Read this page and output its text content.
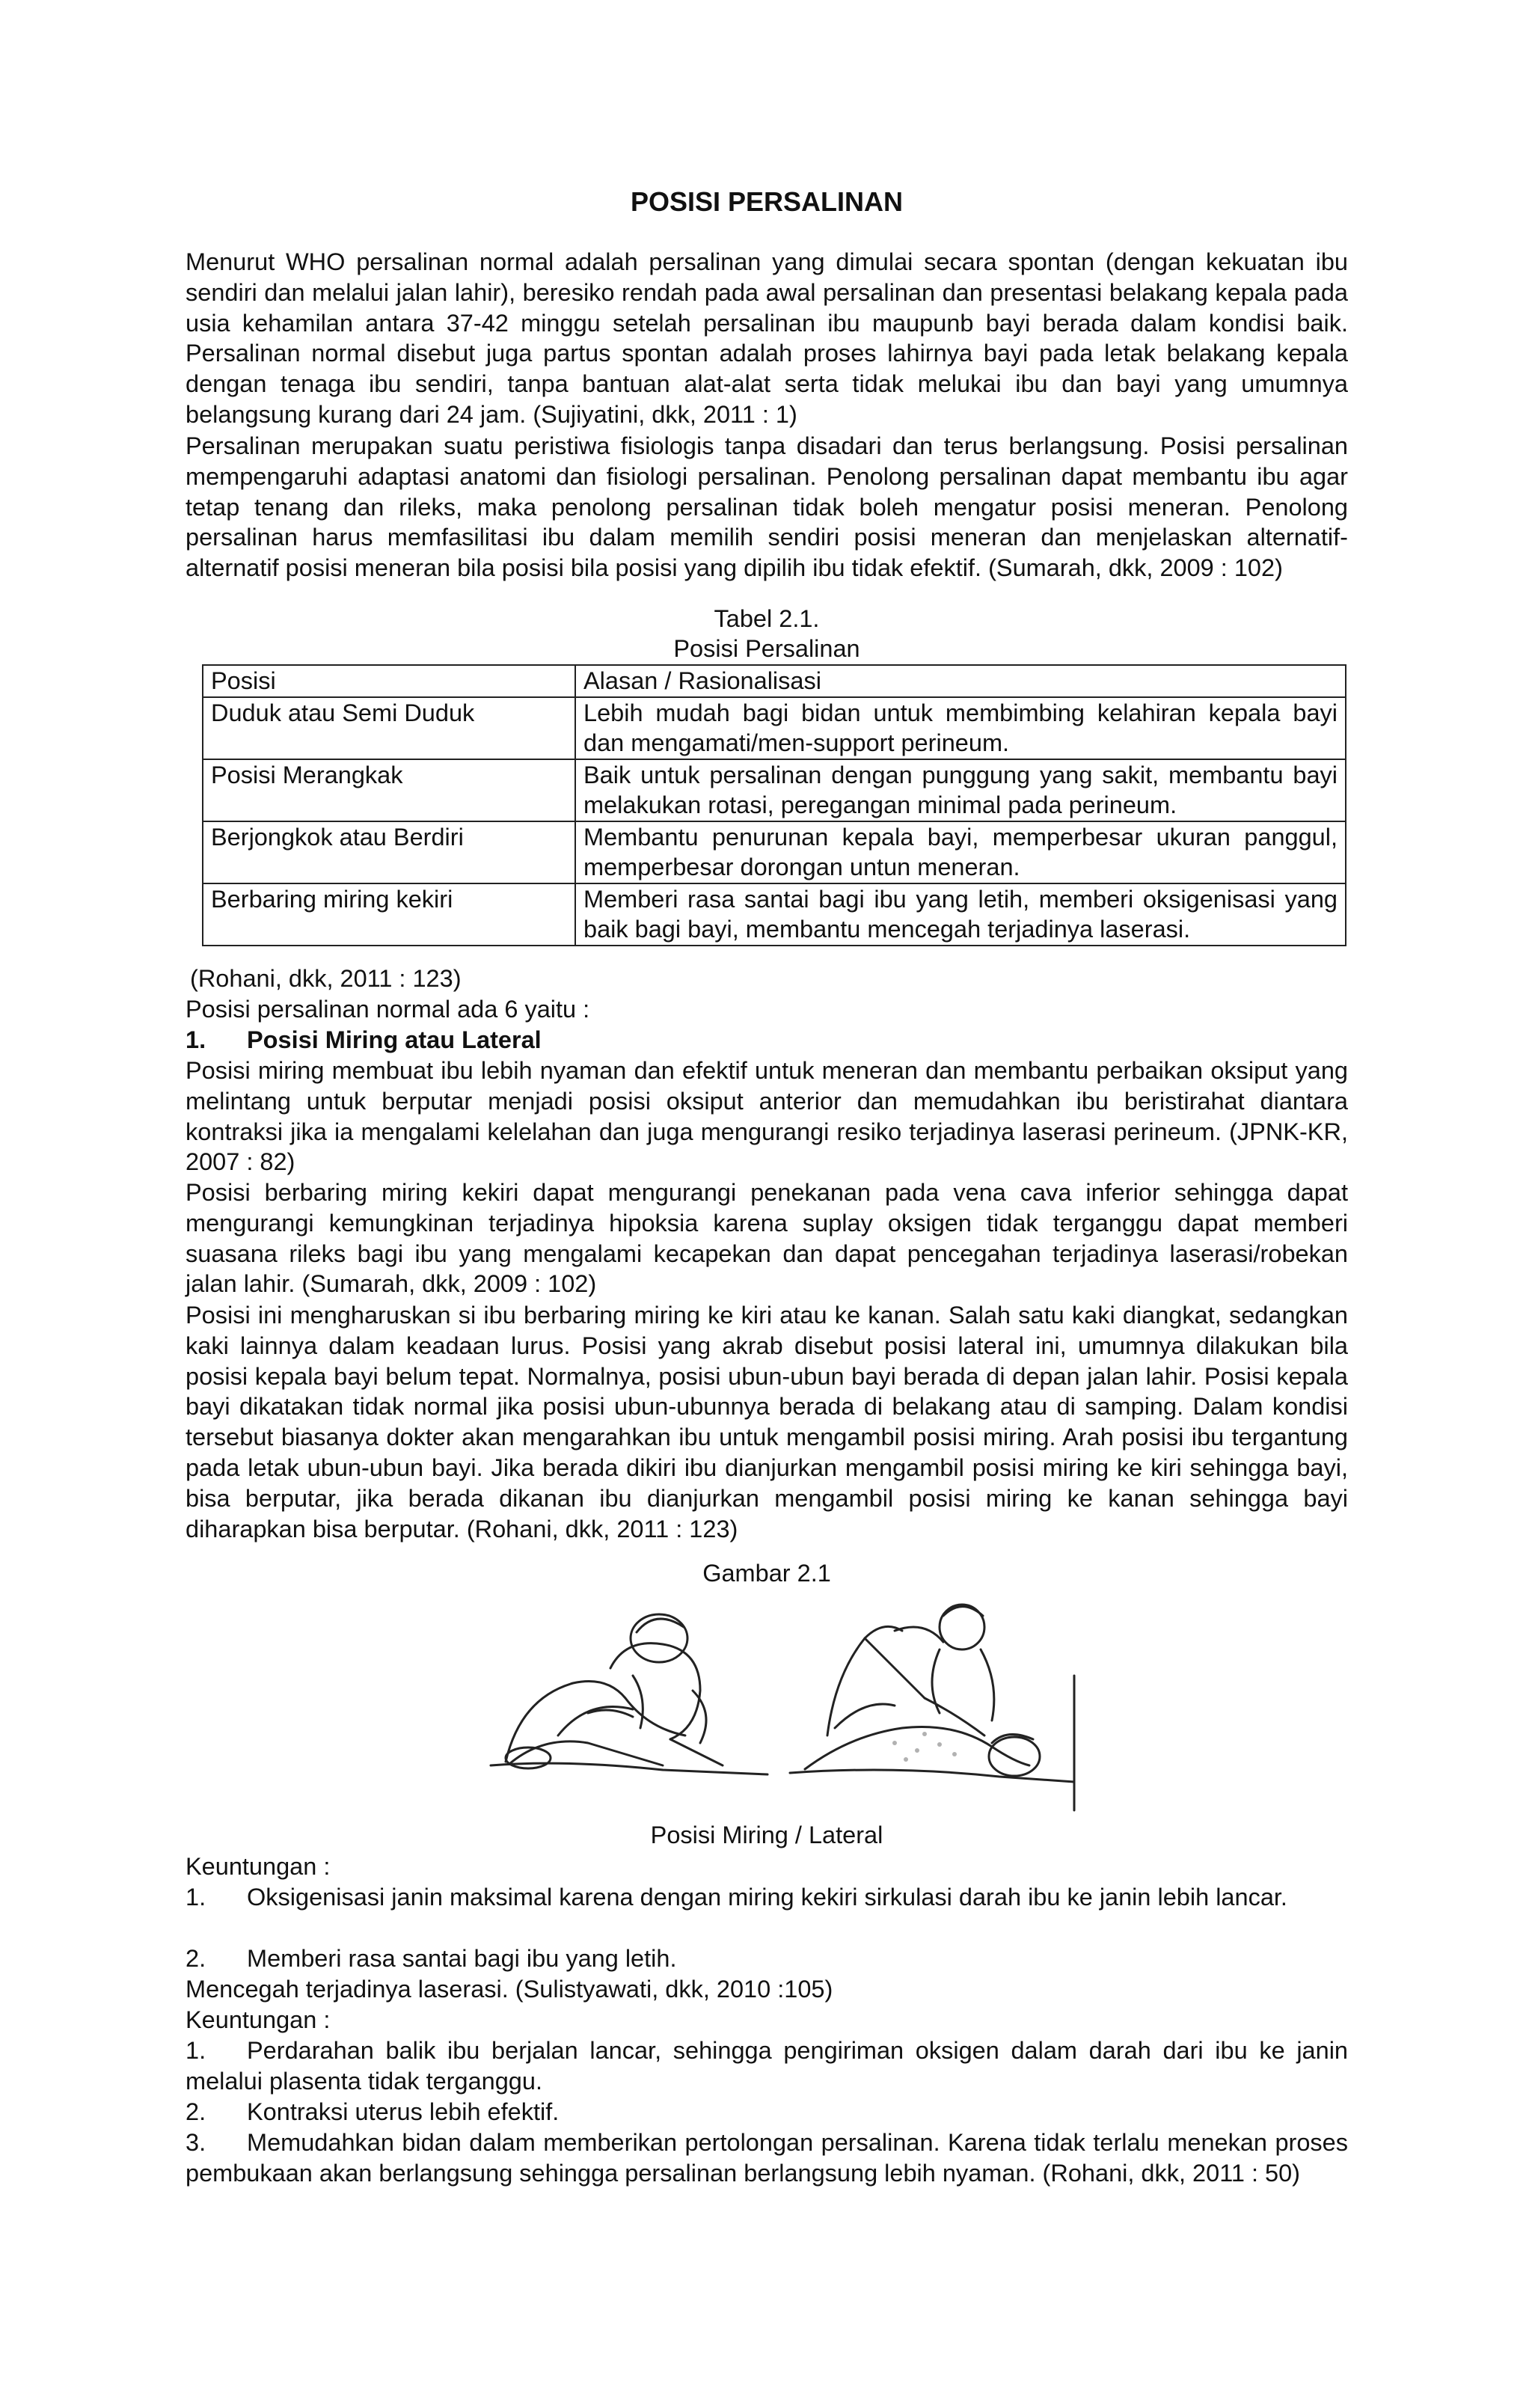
POSISI PERSALINAN
Menurut WHO persalinan normal adalah persalinan yang dimulai secara spontan (dengan kekuatan ibu sendiri dan melalui jalan lahir), beresiko rendah pada awal persalinan dan presentasi belakang kepala pada usia kehamilan antara 37-42 minggu setelah persalinan ibu maupunb bayi berada dalam kondisi baik. Persalinan normal disebut juga partus spontan adalah proses lahirnya bayi pada letak belakang kepala dengan tenaga ibu sendiri, tanpa bantuan alat-alat serta tidak melukai ibu dan bayi yang umumnya belangsung kurang dari 24 jam. (Sujiyatini, dkk, 2011 : 1)
Persalinan merupakan suatu peristiwa fisiologis tanpa disadari dan terus berlangsung. Posisi persalinan mempengaruhi adaptasi anatomi dan fisiologi persalinan. Penolong persalinan dapat membantu ibu agar tetap tenang dan rileks, maka penolong persalinan tidak boleh mengatur posisi meneran. Penolong persalinan harus memfasilitasi ibu dalam memilih sendiri posisi meneran dan menjelaskan alternatif-alternatif posisi meneran bila posisi bila posisi yang dipilih ibu tidak efektif. (Sumarah, dkk, 2009 : 102)
Tabel 2.1.
Posisi Persalinan
Posisi	Alasan / Rasionalisasi
Duduk atau Semi Duduk	Lebih mudah bagi bidan untuk membimbing kelahiran kepala bayi dan mengamati/men-support perineum.
Posisi Merangkak	Baik untuk persalinan dengan punggung yang sakit, membantu bayi melakukan rotasi, peregangan minimal pada perineum.
Berjongkok atau Berdiri	Membantu penurunan kepala bayi, memperbesar ukuran panggul, memperbesar dorongan untun meneran.
Berbaring miring kekiri	Memberi rasa santai bagi ibu yang letih, memberi oksigenisasi yang baik bagi bayi, membantu mencegah terjadinya laserasi.
(Rohani, dkk, 2011 : 123)
Posisi persalinan normal ada 6 yaitu :
1. Posisi Miring atau Lateral
Posisi miring membuat ibu lebih nyaman dan efektif untuk meneran dan membantu perbaikan oksiput yang melintang untuk berputar menjadi posisi oksiput anterior dan memudahkan ibu beristirahat diantara kontraksi jika ia mengalami kelelahan dan juga mengurangi resiko terjadinya laserasi perineum. (JPNK-KR, 2007 : 82)
Posisi berbaring miring kekiri dapat mengurangi penekanan pada vena cava inferior sehingga dapat mengurangi kemungkinan terjadinya hipoksia karena suplay oksigen tidak terganggu dapat memberi suasana rileks bagi ibu yang mengalami kecapekan dan dapat pencegahan terjadinya laserasi/robekan jalan lahir. (Sumarah, dkk, 2009 : 102)
Posisi ini mengharuskan si ibu berbaring miring ke kiri atau ke kanan. Salah satu kaki diangkat, sedangkan kaki lainnya dalam keadaan lurus. Posisi yang akrab disebut posisi lateral ini, umumnya dilakukan bila posisi kepala bayi belum tepat. Normalnya, posisi ubun-ubun bayi berada di depan jalan lahir. Posisi kepala bayi dikatakan tidak normal jika posisi ubun-ubunnya berada di belakang atau di samping. Dalam kondisi tersebut biasanya dokter akan mengarahkan ibu untuk mengambil posisi miring. Arah posisi ibu tergantung pada letak ubun-ubun bayi. Jika berada dikiri ibu dianjurkan mengambil posisi miring ke kiri sehingga bayi, bisa berputar, jika berada dikanan ibu dianjurkan mengambil posisi miring ke kanan sehingga bayi diharapkan bisa berputar. (Rohani, dkk, 2011 : 123)
Gambar 2.1
Posisi Miring / Lateral
Keuntungan :
1. Oksigenisasi janin maksimal karena dengan miring kekiri sirkulasi darah ibu ke janin lebih lancar.
2. Memberi rasa santai bagi ibu yang letih.
Mencegah terjadinya laserasi. (Sulistyawati, dkk, 2010 :105)
Keuntungan :
1. Perdarahan balik ibu berjalan lancar, sehingga pengiriman oksigen dalam darah dari ibu ke janin melalui plasenta tidak terganggu.
2. Kontraksi uterus lebih efektif.
3. Memudahkan bidan dalam memberikan pertolongan persalinan. Karena tidak terlalu menekan proses pembukaan akan berlangsung sehingga persalinan berlangsung lebih nyaman. (Rohani, dkk, 2011 : 50)
